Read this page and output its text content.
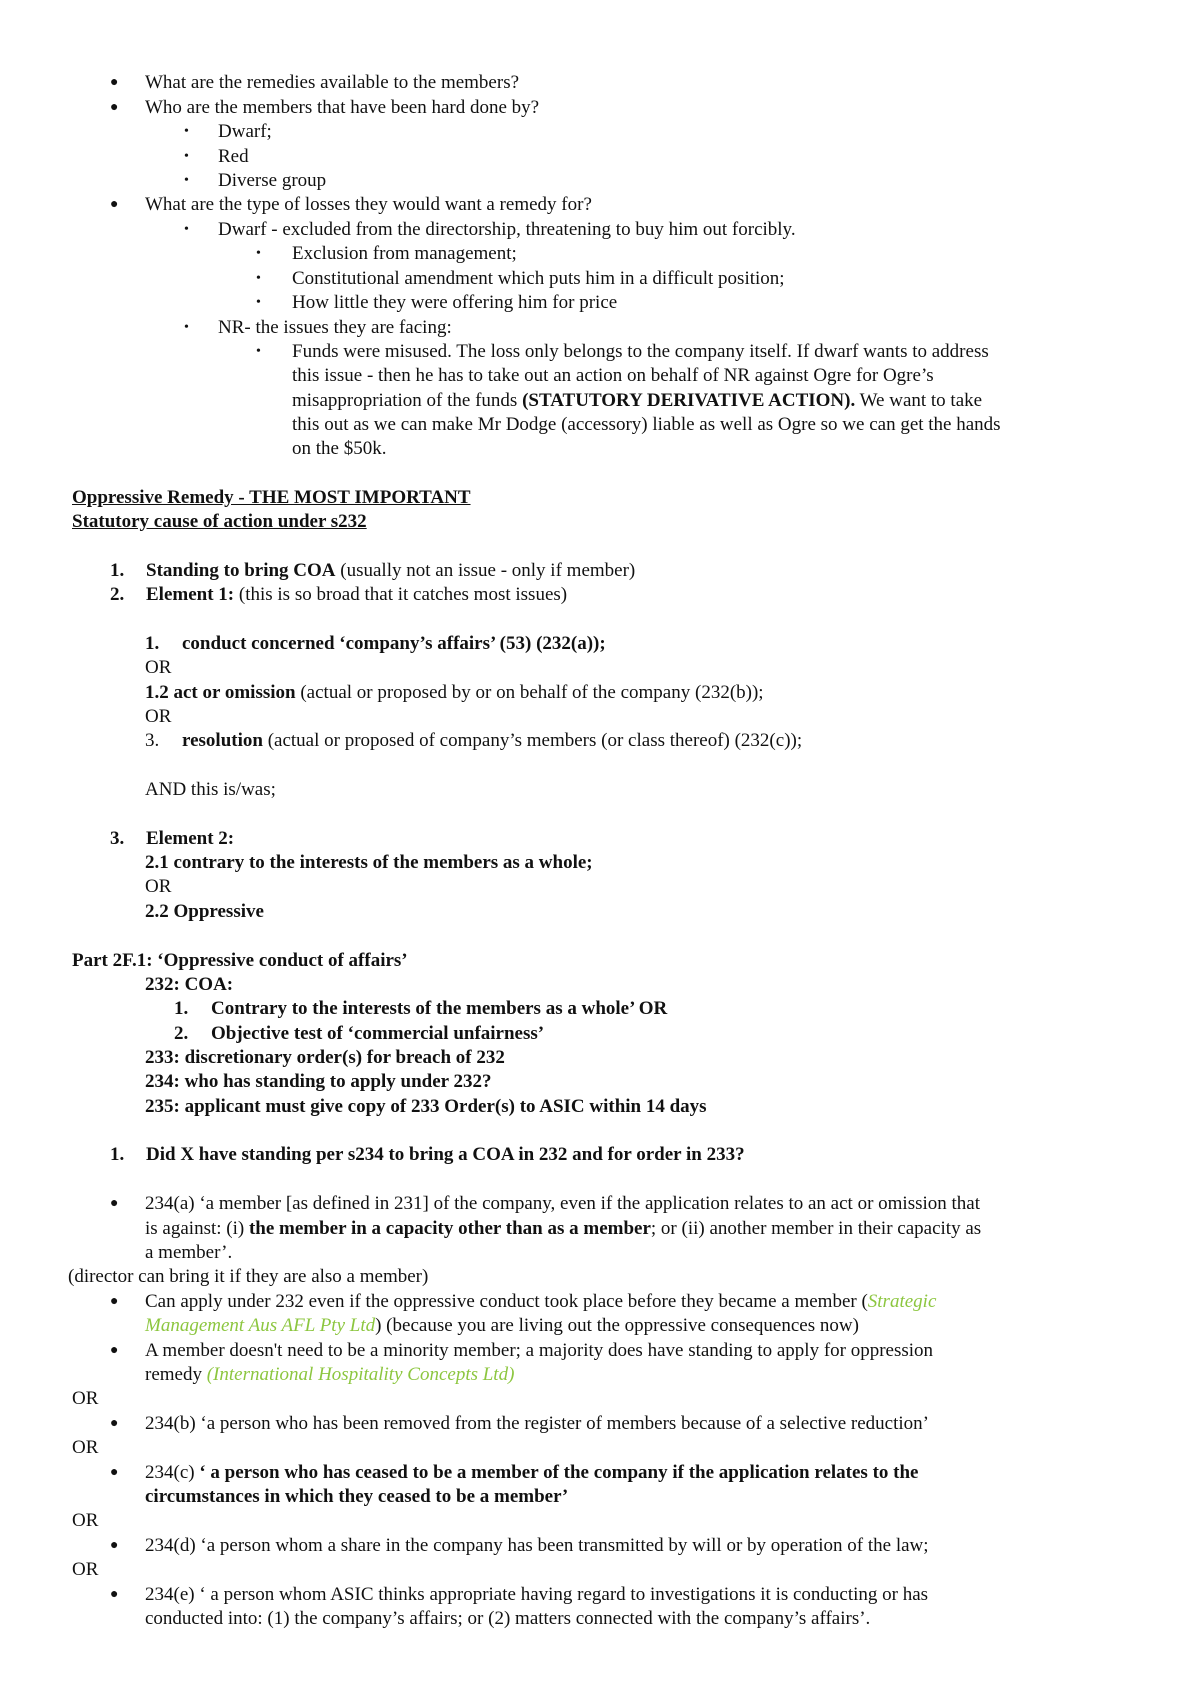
● What are the remedies available to the members?
● Who are the members that have been hard done by?
• Dwarf;
• Red
• Diverse group
● What are the type of losses they would want a remedy for?
• Dwarf - excluded from the directorship, threatening to buy him out forcibly.
• Exclusion from management;
• Constitutional amendment which puts him in a difficult position;
• How little they were offering him for price
• NR- the issues they are facing:
• Funds were misused. The loss only belongs to the company itself. If dwarf wants to address
this issue - then he has to take out an action on behalf of NR against Ogre for Ogre’s
misappropriation of the funds (STATUTORY DERIVATIVE ACTION). We want to take
this out as we can make Mr Dodge (accessory) liable as well as Ogre so we can get the hands
on the $50k.
Oppressive Remedy - THE MOST IMPORTANT
Statutory cause of action under s232
1. Standing to bring COA (usually not an issue - only if member)
2. Element 1: (this is so broad that it catches most issues)
1. conduct concerned ‘company’s affairs’ (53) (232(a));
OR
1.2 act or omission (actual or proposed by or on behalf of the company (232(b));
OR
3. resolution (actual or proposed of company’s members (or class thereof) (232(c));
AND this is/was;
3. Element 2:
2.1 contrary to the interests of the members as a whole;
OR
2.2 Oppressive
Part 2F.1: ‘Oppressive conduct of affairs’
232: COA:
1. Contrary to the interests of the members as a whole’ OR
2. Objective test of ‘commercial unfairness’
233: discretionary order(s) for breach of 232
234: who has standing to apply under 232?
235: applicant must give copy of 233 Order(s) to ASIC within 14 days
1. Did X have standing per s234 to bring a COA in 232 and for order in 233?
● 234(a) ‘a member [as defined in 231] of the company, even if the application relates to an act or omission that
is against: (i) the member in a capacity other than as a member; or (ii) another member in their capacity as
a member’.
(director can bring it if they are also a member)
● Can apply under 232 even if the oppressive conduct took place before they became a member (Strategic
Management Aus AFL Pty Ltd) (because you are living out the oppressive consequences now)
● A member doesn't need to be a minority member; a majority does have standing to apply for oppression
remedy (International Hospitality Concepts Ltd)
OR
● 234(b) ‘a person who has been removed from the register of members because of a selective reduction’
OR
● 234(c) ‘ a person who has ceased to be a member of the company if the application relates to the
circumstances in which they ceased to be a member’
OR
● 234(d) ‘a person whom a share in the company has been transmitted by will or by operation of the law;
OR
● 234(e) ‘ a person whom ASIC thinks appropriate having regard to investigations it is conducting or has
conducted into: (1) the company’s affairs; or (2) matters connected with the company’s affairs’.
